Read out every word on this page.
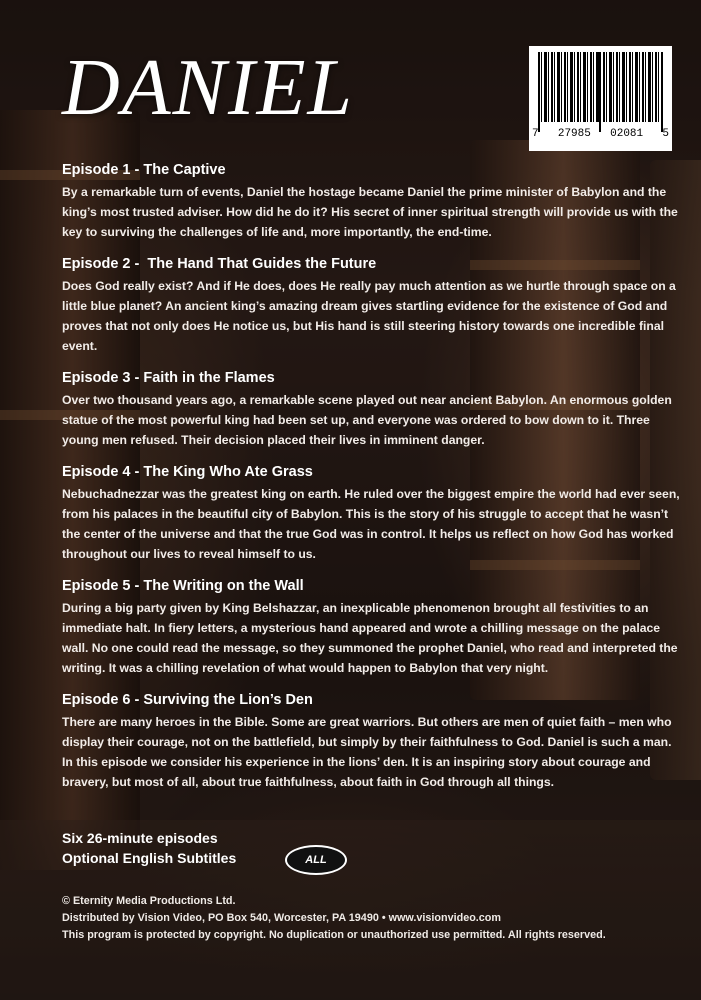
DANIEL
7 27985 02081 5
Episode 1 - The Captive

By a remarkable turn of events, Daniel the hostage became Daniel the prime minister of Babylon and the king’s most trusted adviser. How did he do it? His secret of inner spiritual strength will provide us with the key to surviving the challenges of life and, more importantly, the end-time.

Episode 2 -  The Hand That Guides the Future

Does God really exist? And if He does, does He really pay much attention as we hurtle through space on a little blue planet? An ancient king’s amazing dream gives startling evidence for the existence of God and proves that not only does He notice us, but His hand is still steering history towards one incredible final event.

Episode 3 - Faith in the Flames

Over two thousand years ago, a remarkable scene played out near ancient Babylon. An enormous golden statue of the most powerful king had been set up, and everyone was ordered to bow down to it. Three young men refused. Their decision placed their lives in imminent danger.

Episode 4 - The King Who Ate Grass

Nebuchadnezzar was the greatest king on earth. He ruled over the biggest empire the world had ever seen, from his palaces in the beautiful city of Babylon. This is the story of his struggle to accept that he wasn’t the center of the universe and that the true God was in control. It helps us reflect on how God has worked throughout our lives to reveal himself to us.

Episode 5 - The Writing on the Wall

During a big party given by King Belshazzar, an inexplicable phenomenon brought all festivities to an immediate halt. In fiery letters, a mysterious hand appeared and wrote a chilling message on the palace wall. No one could read the message, so they summoned the prophet Daniel, who read and interpreted the writing. It was a chilling revelation of what would happen to Babylon that very night.

Episode 6 - Surviving the Lion’s Den

There are many heroes in the Bible. Some are great warriors. But others are men of quiet faith – men who display their courage, not on the battlefield, but simply by their faithfulness to God. Daniel is such a man. In this episode we consider his experience in the lions’ den. It is an inspiring story about courage and bravery, but most of all, about true faithfulness, about faith in God through all things.

Six 26-minute episodes
Optional English Subtitles	ALL
© Eternity Media Productions Ltd.
Distributed by Vision Video, PO Box 540, Worcester, PA 19490 • www.visionvideo.com
This program is protected by copyright. No duplication or unauthorized use permitted. All rights reserved.
